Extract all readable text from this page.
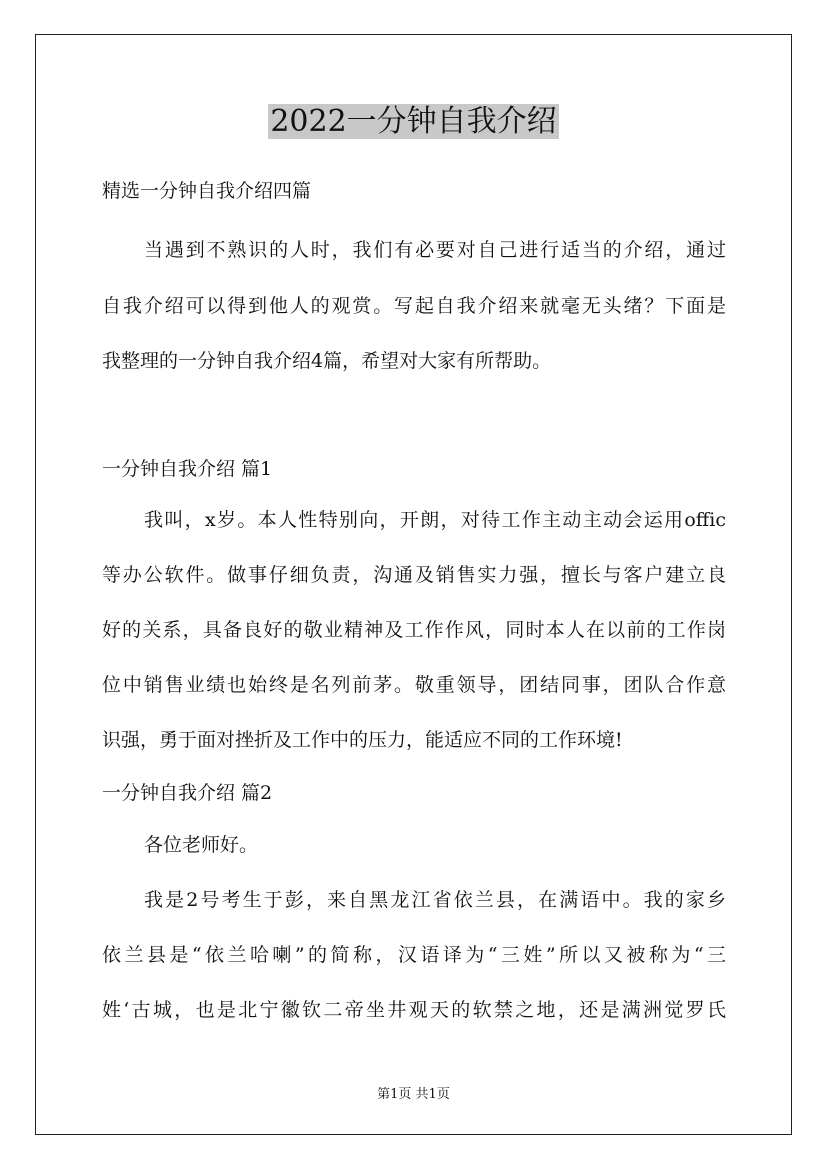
2022一分钟自我介绍
精选一分钟自我介绍四篇
当遇到不熟识的人时，我们有必要对自己进行适当的介绍，通过
自我介绍可以得到他人的观赏。写起自我介绍来就毫无头绪？下面是
我整理的一分钟自我介绍4篇，希望对大家有所帮助。
一分钟自我介绍 篇1
我叫，x岁。本人性特别向，开朗，对待工作主动主动会运用offic
等办公软件。做事仔细负责，沟通及销售实力强，擅长与客户建立良
好的关系，具备良好的敬业精神及工作作风，同时本人在以前的工作岗
位中销售业绩也始终是名列前茅。敬重领导，团结同事，团队合作意
识强，勇于面对挫折及工作中的压力，能适应不同的工作环境!
一分钟自我介绍 篇2
各位老师好。
我是2号考生于彭，来自黑龙江省依兰县，在满语中。我的家乡
依兰县是“依兰哈喇”的简称，汉语译为“三姓”所以又被称为“三
姓‘古城，也是北宁徽钦二帝坐井观天的软禁之地，还是满洲觉罗氏
第1页 共1页
